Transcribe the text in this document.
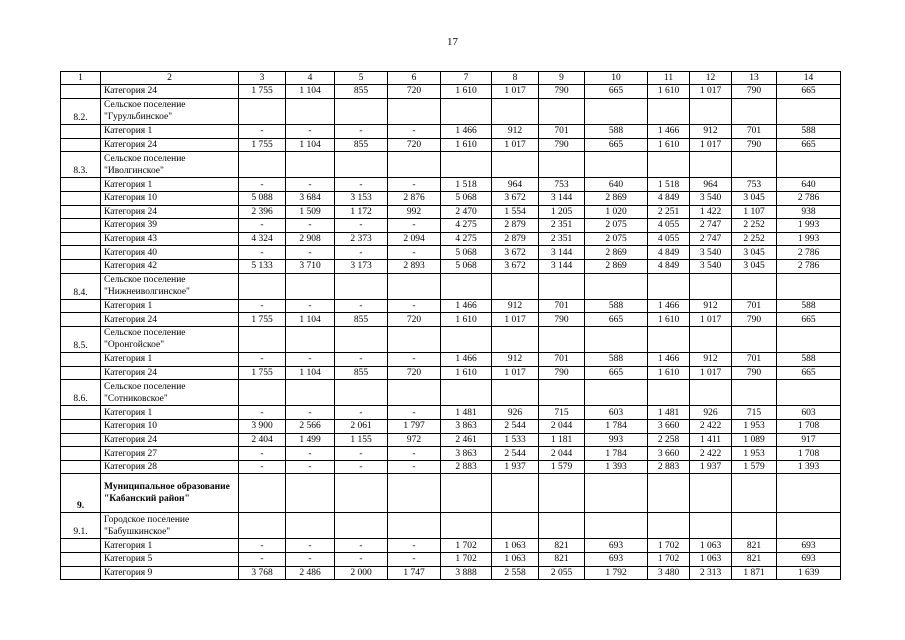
17
1	2	3	4	5	6	7	8	9	10	11	12	13	14
	Категория 24	1 755	1 104	855	720	1 610	1 017	790	665	1 610	1 017	790	665
8.2.	Сельское поселение "Гурульбинское"												
	Категория 1	-	-	-	-	1 466	912	701	588	1 466	912	701	588
	Категория 24	1 755	1 104	855	720	1 610	1 017	790	665	1 610	1 017	790	665
8.3.	Сельское поселение "Иволгинское"												
	Категория 1	-	-	-	-	1 518	964	753	640	1 518	964	753	640
	Категория 10	5 088	3 684	3 153	2 876	5 068	3 672	3 144	2 869	4 849	3 540	3 045	2 786
	Категория 24	2 396	1 509	1 172	992	2 470	1 554	1 205	1 020	2 251	1 422	1 107	938
	Категория 39	-	-	-	-	4 275	2 879	2 351	2 075	4 055	2 747	2 252	1 993
	Категория 43	4 324	2 908	2 373	2 094	4 275	2 879	2 351	2 075	4 055	2 747	2 252	1 993
	Категория 40	-	-	-	-	5 068	3 672	3 144	2 869	4 849	3 540	3 045	2 786
	Категория 42	5 133	3 710	3 173	2 893	5 068	3 672	3 144	2 869	4 849	3 540	3 045	2 786
8.4.	Сельское поселение "Нижнеиволгинское"												
	Категория 1	-	-	-	-	1 466	912	701	588	1 466	912	701	588
	Категория 24	1 755	1 104	855	720	1 610	1 017	790	665	1 610	1 017	790	665
8.5.	Сельское поселение "Оронгойское"												
	Категория 1	-	-	-	-	1 466	912	701	588	1 466	912	701	588
	Категория 24	1 755	1 104	855	720	1 610	1 017	790	665	1 610	1 017	790	665
8.6.	Сельское поселение "Сотниковское"												
	Категория 1	-	-	-	-	1 481	926	715	603	1 481	926	715	603
	Категория 10	3 900	2 566	2 061	1 797	3 863	2 544	2 044	1 784	3 660	2 422	1 953	1 708
	Категория 24	2 404	1 499	1 155	972	2 461	1 533	1 181	993	2 258	1 411	1 089	917
	Категория 27	-	-	-	-	3 863	2 544	2 044	1 784	3 660	2 422	1 953	1 708
	Категория 28	-	-	-	-	2 883	1 937	1 579	1 393	2 883	1 937	1 579	1 393
9.	Муниципальное образование "Кабанский район"												
9.1.	Городское поселение "Бабушкинское"												
	Категория 1	-	-	-	-	1 702	1 063	821	693	1 702	1 063	821	693
	Категория 5	-	-	-	-	1 702	1 063	821	693	1 702	1 063	821	693
	Категория 9	3 768	2 486	2 000	1 747	3 888	2 558	2 055	1 792	3 480	2 313	1 871	1 639
